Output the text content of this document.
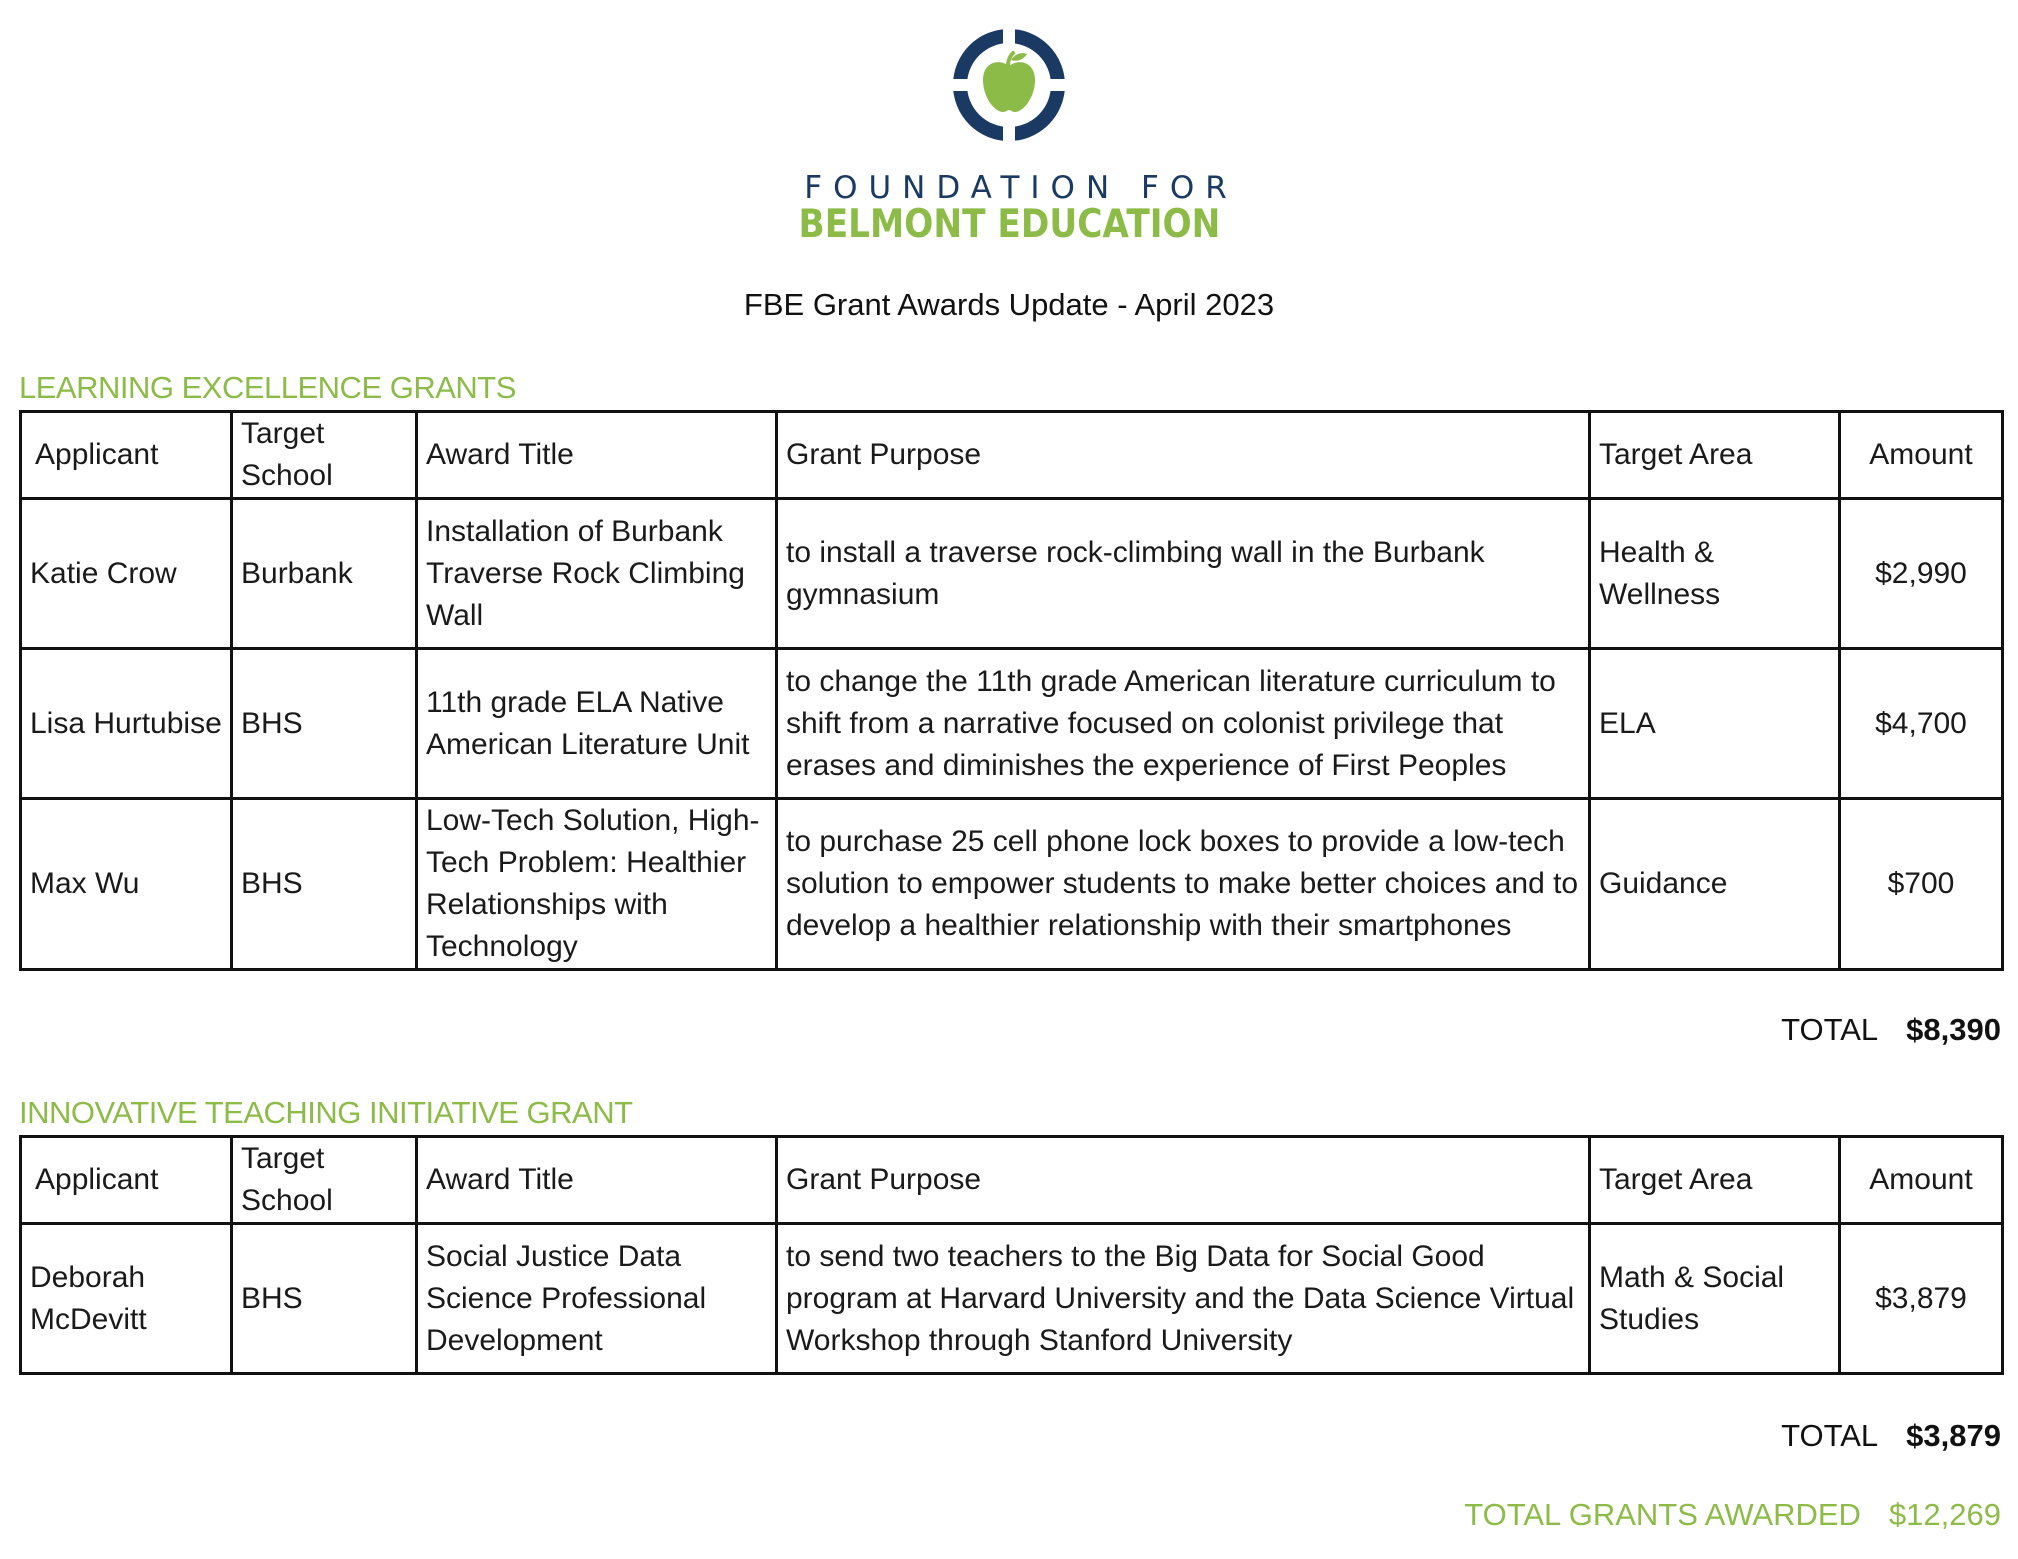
FOUNDATION FOR
BELMONT EDUCATION
FBE Grant Awards Update - April 2023
LEARNING EXCELLENCE GRANTS
Applicant	Target School	Award Title	Grant Purpose	Target Area	Amount
Katie Crow	Burbank	Installation of Burbank Traverse Rock Climbing Wall	to install a traverse rock-climbing wall in the Burbank gymnasium	Health & Wellness	$2,990
Lisa Hurtubise	BHS	11th grade ELA Native American Literature Unit	to change the 11th grade American literature curriculum to shift from a narrative focused on colonist privilege that erases and diminishes the experience of First Peoples	ELA	$4,700
Max Wu	BHS	Low-Tech Solution, High-Tech Problem: Healthier Relationships with Technology	to purchase 25 cell phone lock boxes to provide a low-tech solution to empower students to make better choices and to develop a healthier relationship with their smartphones	Guidance	$700
TOTAL $8,390
INNOVATIVE TEACHING INITIATIVE GRANT
Applicant	Target School	Award Title	Grant Purpose	Target Area	Amount
Deborah McDevitt	BHS	Social Justice Data Science Professional Development	to send two teachers to the Big Data for Social Good program at Harvard University and the Data Science Virtual Workshop through Stanford University	Math & Social Studies	$3,879
TOTAL $3,879
TOTAL GRANTS AWARDED $12,269
